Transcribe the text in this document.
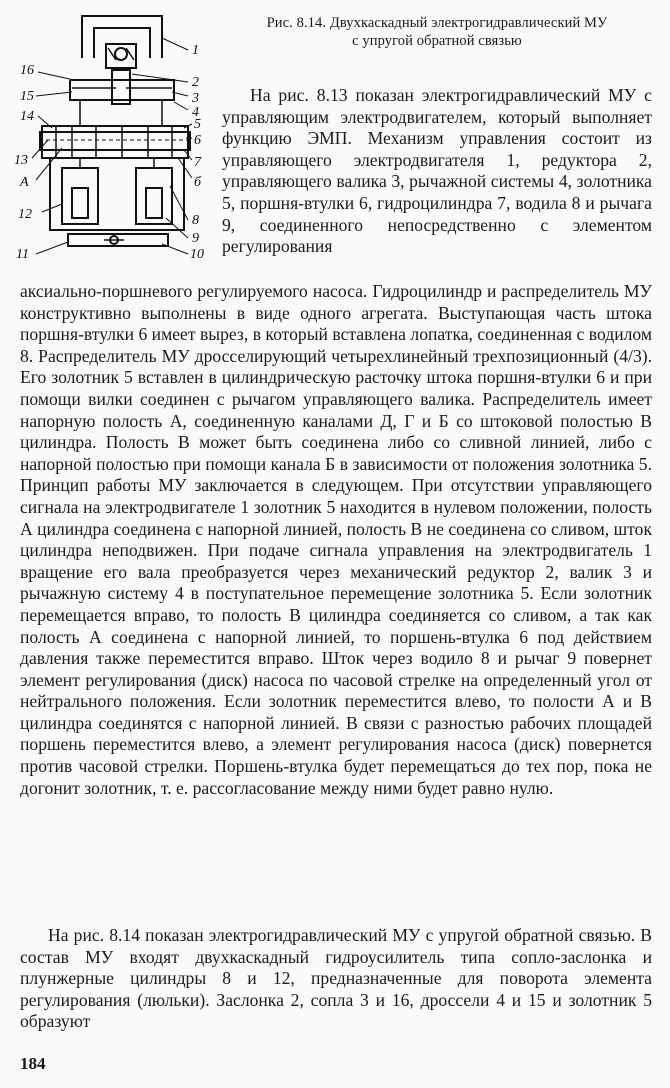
1
2
3
4
5
6
7
б
8
9
10
16
15
14
13
А
12
11
Рис. 8.14. Двухкаскадный электрогидравлический МУ
с упругой обратной связью

На рис. 8.13 показан электрогидравлический МУ с управляющим электродвигателем, который выполняет функцию ЭМП. Механизм управления состоит из управляющего электродвигателя 1, редуктора 2, управляющего валика 3, рычажной системы 4, золотника 5, поршня-втулки 6, гидроцилиндра 7, водила 8 и рычага 9, соединенного непосредственно с элементом регулирования

аксиально-поршневого регулируемого насоса. Гидроцилиндр и распределитель МУ конструктивно выполнены в виде одного агрегата. Выступающая часть штока поршня-втулки 6 имеет вырез, в который вставлена лопатка, соединенная с водилом 8. Распределитель МУ дросселирующий четырехлинейный трехпозиционный (4/3). Его золотник 5 вставлен в цилиндрическую расточку штока поршня-втулки 6 и при помощи вилки соединен с рычагом управляющего валика. Распределитель имеет напорную полость А, соединенную каналами Д, Г и Б со штоковой полостью В цилиндра. Полость В может быть соединена либо со сливной линией, либо с напорной полостью при помощи канала Б в зависимости от положения золотника 5. Принцип работы МУ заключается в следующем. При отсутствии управляющего сигнала на электродвигателе 1 золотник 5 находится в нулевом положении, полость А цилиндра соединена с напорной линией, полость В не соединена со сливом, шток цилиндра неподвижен. При подаче сигнала управления на электродвигатель 1 вращение его вала преобразуется через механический редуктор 2, валик 3 и рычажную систему 4 в поступательное перемещение золотника 5. Если золотник перемещается вправо, то полость В цилиндра соединяется со сливом, а так как полость А соединена с напорной линией, то поршень-втулка 6 под действием давления также переместится вправо. Шток через водило 8 и рычаг 9 повернет элемент регулирования (диск) насоса по часовой стрелке на определенный угол от нейтрального положения. Если золотник переместится влево, то полости А и В цилиндра соединятся с напорной линией. В связи с разностью рабочих площадей поршень переместится влево, а элемент регулирования насоса (диск) повернется против часовой стрелки. Поршень-втулка будет перемещаться до тех пор, пока не догонит золотник, т. е. рассогласование между ними будет равно нулю.

На рис. 8.14 показан электрогидравлический МУ с упругой обратной связью. В состав МУ входят двухкаскадный гидроусилитель типа сопло-заслонка и плунжерные цилиндры 8 и 12, предназначенные для поворота элемента регулирования (люльки). Заслонка 2, сопла 3 и 16, дроссели 4 и 15 и золотник 5 образуют

184
